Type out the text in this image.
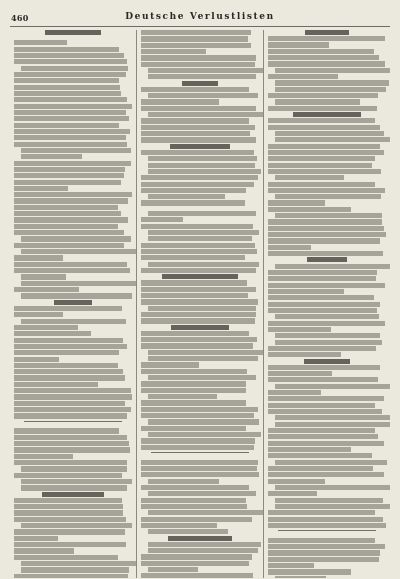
460	Deutsche Verlustlisten
